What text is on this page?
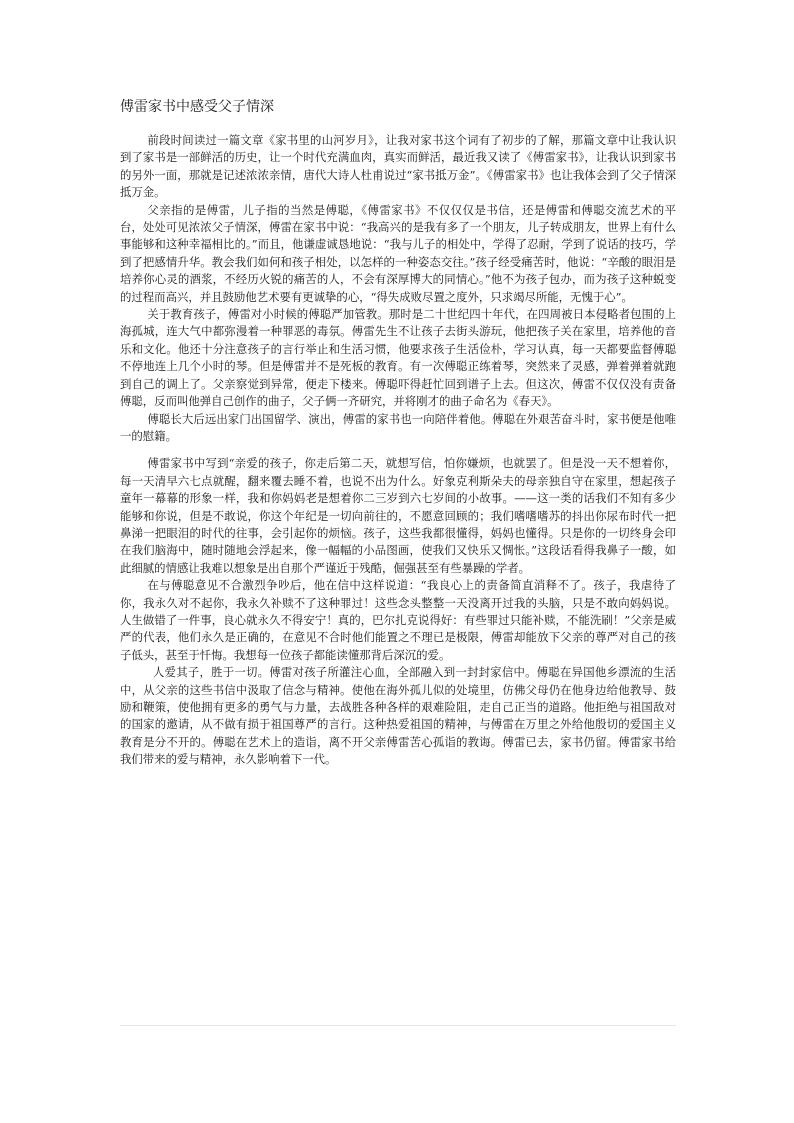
傅雷家书中感受父子情深

前段时间读过一篇文章《家书里的山河岁月》，让我对家书这个词有了初步的了解，那篇文章中让我认识到了家书是一部鲜活的历史，让一个时代充满血肉，真实而鲜活，最近我又读了《傅雷家书》，让我认识到家书的另外一面，那就是记述浓浓亲情，唐代大诗人杜甫说过“家书抵万金”。《傅雷家书》也让我体会到了父子情深抵万金。

父亲指的是傅雷，儿子指的当然是傅聪，《傅雷家书》不仅仅仅是书信，还是傅雷和傅聪交流艺术的平台，处处可见浓浓父子情深，傅雷在家书中说：“我高兴的是我有多了一个朋友，儿子转成朋友，世界上有什么事能够和这种幸福相比的。”而且，他谦虚诚恳地说：“我与儿子的相处中，学得了忍耐，学到了说话的技巧，学到了把感情升华。教会我们如何和孩子相处，以怎样的一种姿态交往。”孩子经受痛苦时，他说：“辛酸的眼泪是培养你心灵的酒浆，不经历火锐的痛苦的人，不会有深厚博大的同情心。”他不为孩子包办，而为孩子这种蜕变的过程而高兴，并且鼓励他艺术要有更诚挚的心，“得失成败尽置之度外，只求竭尽所能，无愧于心”。

关于教育孩子，傅雷对小时候的傅聪严加管教。那时是二十世纪四十年代，在四周被日本侵略者包围的上海孤城，连大气中都弥漫着一种罪恶的毒氛。傅雷先生不让孩子去街头游玩，他把孩子关在家里，培养他的音乐和文化。他还十分注意孩子的言行举止和生活习惯，他要求孩子生活俭朴，学习认真，每一天都要监督傅聪不停地连上几个小时的琴。但是傅雷并不是死板的教育。有一次傅聪正练着琴，突然来了灵感，弹着弹着就跑到自己的调上了。父亲察觉到异常，便走下楼来。傅聪吓得赶忙回到谱子上去。但这次，傅雷不仅仅没有责备傅聪，反而叫他弹自己创作的曲子，父子俩一齐研究，并将刚才的曲子命名为《春天》。

傅聪长大后远出家门出国留学、演出，傅雷的家书也一向陪伴着他。傅聪在外艰苦奋斗时，家书便是他唯一的慰籍。

傅雷家书中写到“亲爱的孩子，你走后第二天，就想写信，怕你嫌烦，也就罢了。但是没一天不想着你，每一天清早六七点就醒，翻来覆去睡不着，也说不出为什么。好象克利斯朵夫的母亲独自守在家里，想起孩子童年一幕幕的形象一样，我和你妈妈老是想着你二三岁到六七岁间的小故事。——这一类的话我们不知有多少能够和你说，但是不敢说，你这个年纪是一切向前往的，不愿意回顾的；我们嗜嗜嗜苏的抖出你尿布时代一把鼻涕一把眼泪的时代的往事，会引起你的烦恼。孩子，这些我都很懂得，妈妈也懂得。只是你的一切终身会印在我们脑海中，随时随地会浮起来，像一幅幅的小品图画，使我们又快乐又惆怅。”这段话看得我鼻子一酸，如此细腻的情感让我难以想象是出自那个严谨近于残酷，倔强甚至有些暴躁的学者。

在与傅聪意见不合激烈争吵后，他在信中这样说道：“我良心上的责备简直消释不了。孩子，我虐待了你，我永久对不起你，我永久补赎不了这种罪过！这些念头整整一天没离开过我的头脑，只是不敢向妈妈说。人生做错了一件事，良心就永久不得安宁！真的，巴尔扎克说得好：有些罪过只能补赎，不能洗刷！”父亲是威严的代表，他们永久是正确的，在意见不合时他们能置之不理已是极限，傅雷却能放下父亲的尊严对自己的孩子低头，甚至于忏悔。我想每一位孩子都能读懂那背后深沉的爱。

人爱其子，胜于一切。傅雷对孩子所灌注心血，全部融入到一封封家信中。傅聪在异国他乡漂流的生活中，从父亲的这些书信中汲取了信念与精神。使他在海外孤儿似的处境里，仿佛父母仍在他身边给他教导、鼓励和鞭策，使他拥有更多的勇气与力量，去战胜各种各样的艰难险阻，走自己正当的道路。他拒绝与祖国敌对的国家的邀请，从不做有损于祖国尊严的言行。这种热爱祖国的精神，与傅雷在万里之外给他殷切的爱国主义教育是分不开的。傅聪在艺术上的造诣，离不开父亲傅雷苦心孤诣的教诲。傅雷已去，家书仍留。傅雷家书给我们带来的爱与精神，永久影响着下一代。
